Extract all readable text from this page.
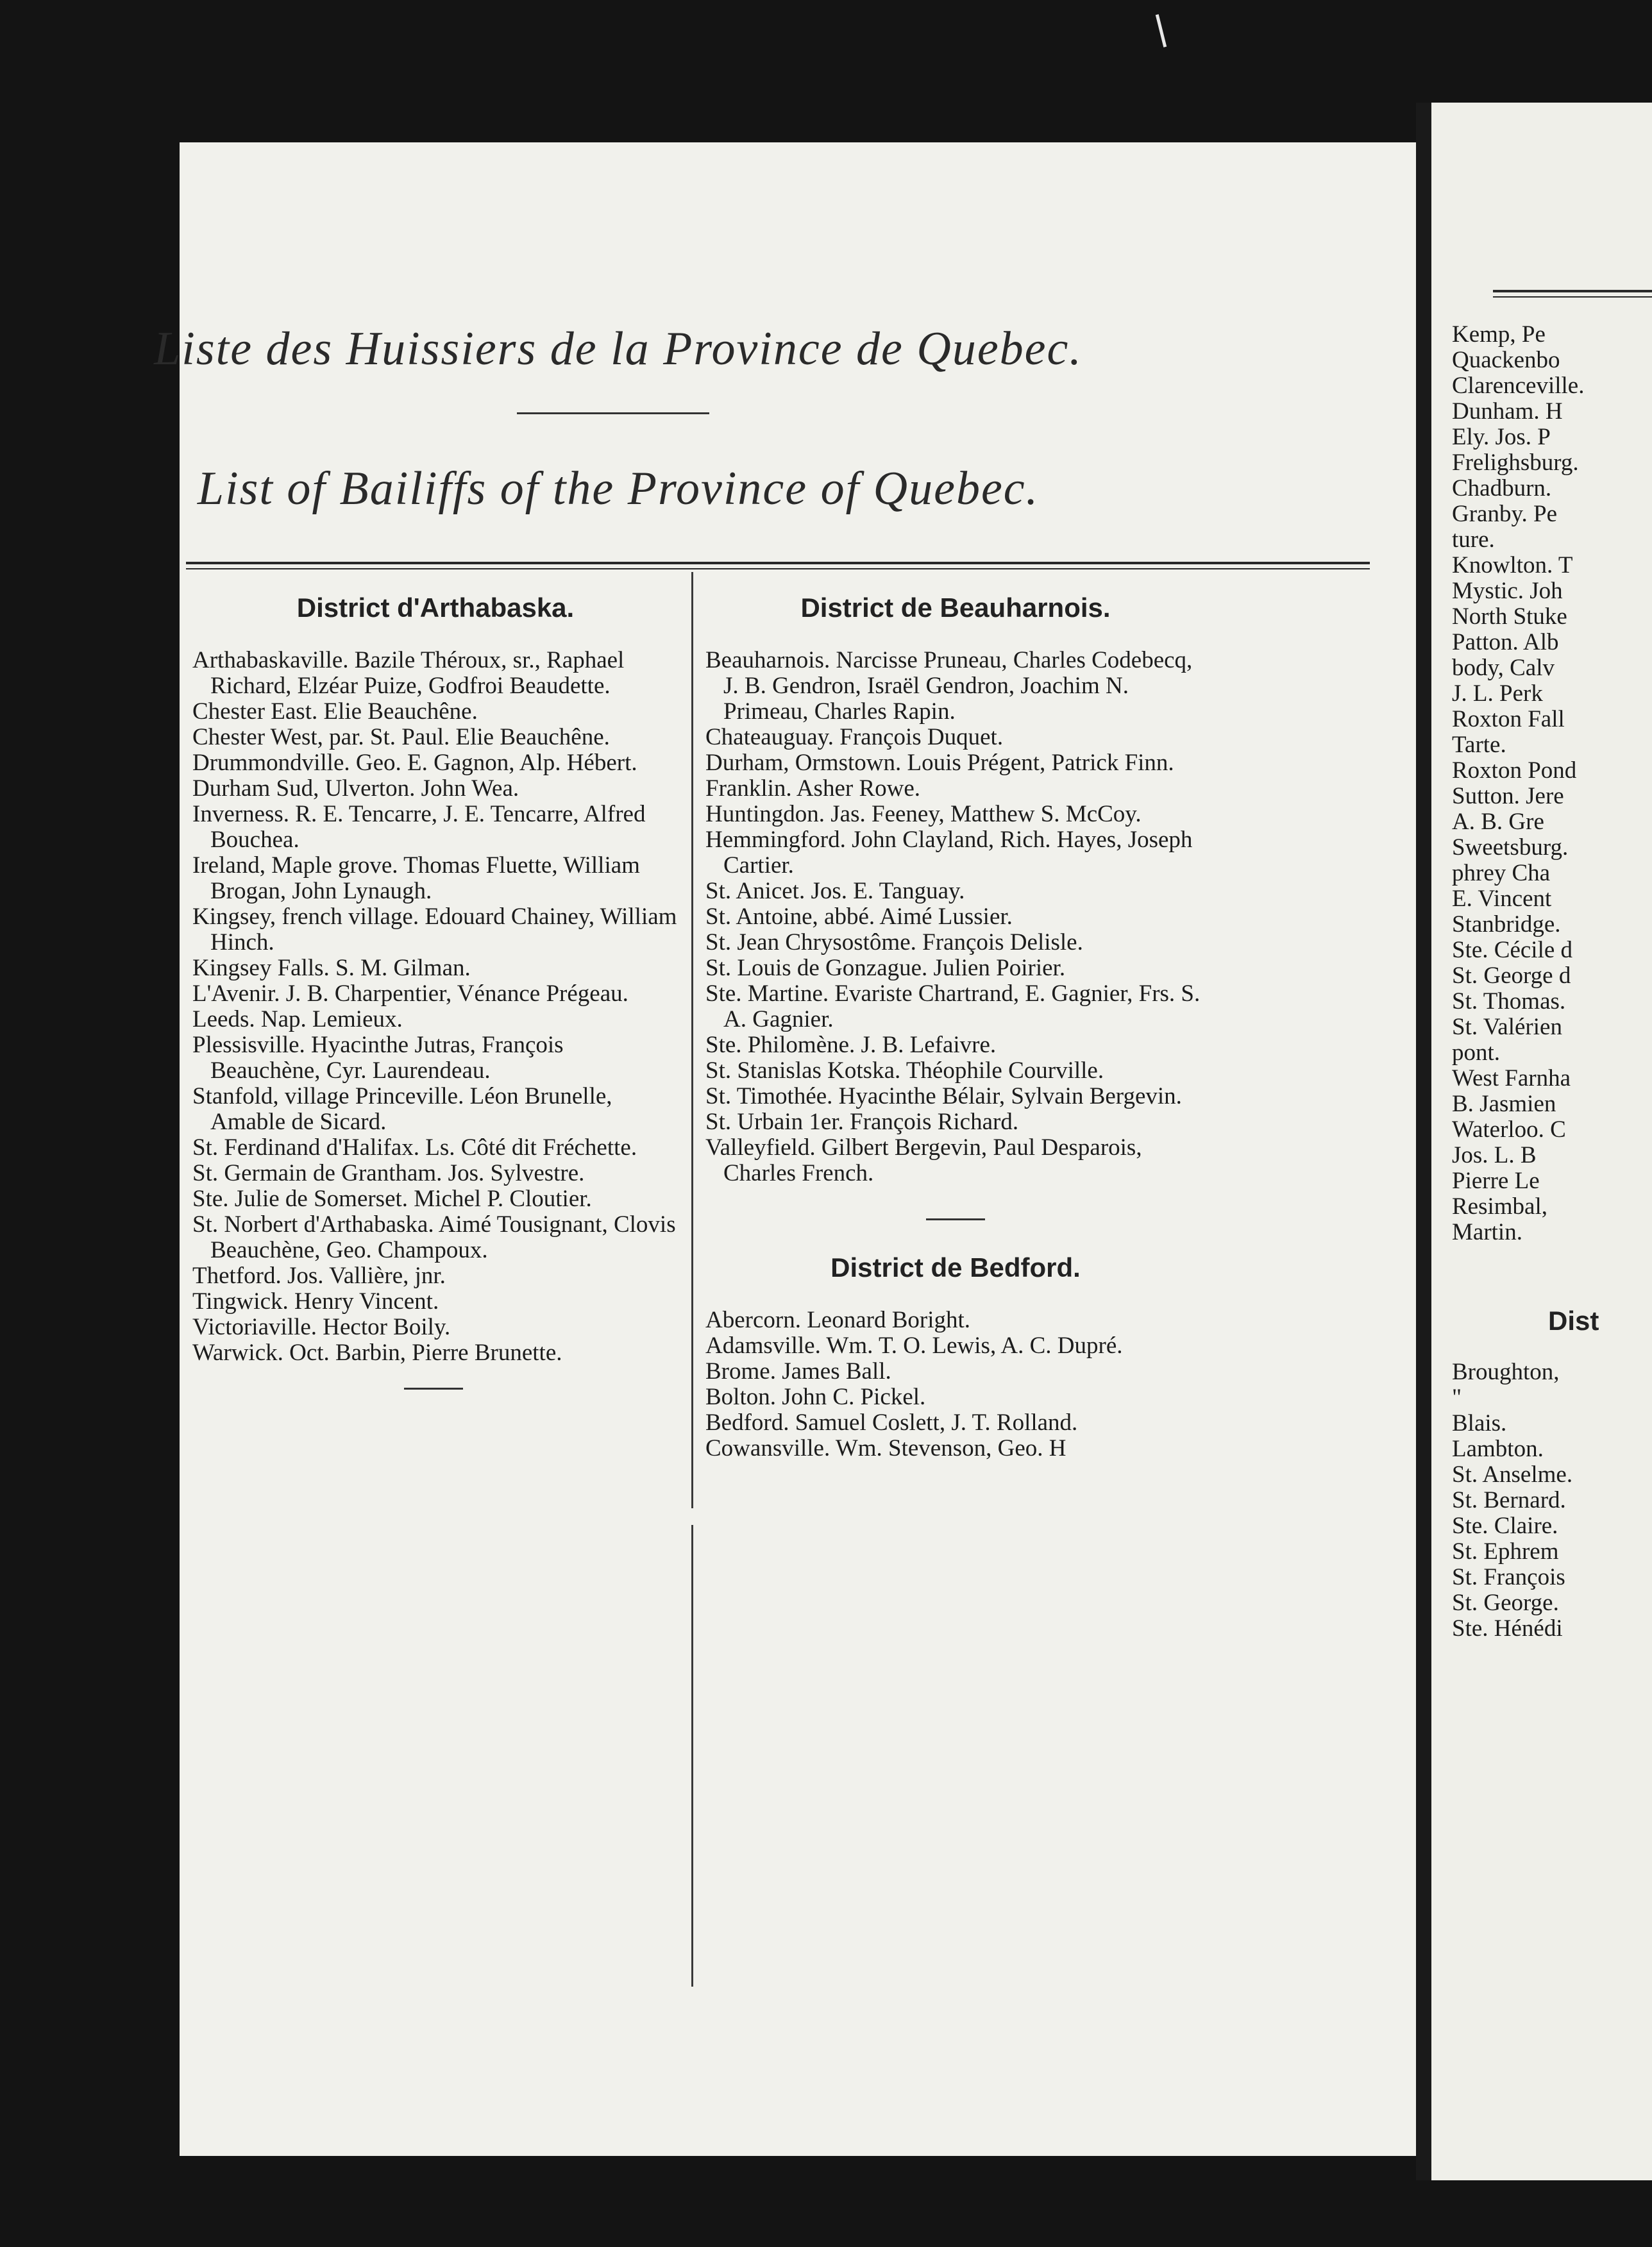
Kemp, Pe

Quackenbo

Clarenceville.

Dunham. H

Ely. Jos. P

Frelighsburg.

Chadburn.

Granby. Pe

ture.

Knowlton. T

Mystic. Joh

North Stuke

Patton. Alb

body, Calv

J. L. Perk

Roxton Fall

Tarte.

Roxton Pond

Sutton. Jere

A. B. Gre

Sweetsburg.

phrey Cha

E. Vincent

Stanbridge.

Ste. Cécile d

St. George d

St. Thomas.

St. Valérien

pont.

West Farnha

B. Jasmien

Waterloo. C

Jos. L. B

Pierre Le

Resimbal,

Martin.

Dist

Broughton,

"

Blais.

Lambton.

St. Anselme.

St. Bernard.

Ste. Claire.

St. Ephrem

St. François

St. George.

Ste. Hénédi

Liste des Huissiers de la Province de Quebec.
List of Bailiffs of the Province of Quebec.
District d'Arthabaska.

Arthabaskaville. Bazile Théroux, sr., Raphael Richard, Elzéar Puize, Godfroi Beaudette.

Chester East. Elie Beauchêne.

Chester West, par. St. Paul. Elie Beauchêne.

Drummondville. Geo. E. Gagnon, Alp. Hébert.

Durham Sud, Ulverton. John Wea.

Inverness. R. E. Tencarre, J. E. Tencarre, Alfred Bouchea.

Ireland, Maple grove. Thomas Fluette, William Brogan, John Lynaugh.

Kingsey, french village. Edouard Chainey, William Hinch.

Kingsey Falls. S. M. Gilman.

L'Avenir. J. B. Charpentier, Vénance Prégeau.

Leeds. Nap. Lemieux.

Plessisville. Hyacinthe Jutras, François Beauchène, Cyr. Laurendeau.

Stanfold, village Princeville. Léon Brunelle, Amable de Sicard.

St. Ferdinand d'Halifax. Ls. Côté dit Fréchette.

St. Germain de Grantham. Jos. Sylvestre.

Ste. Julie de Somerset. Michel P. Cloutier.

St. Norbert d'Arthabaska. Aimé Tousignant, Clovis Beauchène, Geo. Champoux.

Thetford. Jos. Vallière, jnr.

Tingwick. Henry Vincent.

Victoriaville. Hector Boily.

Warwick. Oct. Barbin, Pierre Brunette.

District de Beauharnois.

Beauharnois. Narcisse Pruneau, Charles Codebecq, J. B. Gendron, Israël Gendron, Joachim N. Primeau, Charles Rapin.

Chateauguay. François Duquet.

Durham, Ormstown. Louis Prégent, Patrick Finn.

Franklin. Asher Rowe.

Huntingdon. Jas. Feeney, Matthew S. McCoy.

Hemmingford. John Clayland, Rich. Hayes, Joseph Cartier.

St. Anicet. Jos. E. Tanguay.

St. Antoine, abbé. Aimé Lussier.

St. Jean Chrysostôme. François Delisle.

St. Louis de Gonzague. Julien Poirier.

Ste. Martine. Evariste Chartrand, E. Gagnier, Frs. S. A. Gagnier.

Ste. Philomène. J. B. Lefaivre.

St. Stanislas Kotska. Théophile Courville.

St. Timothée. Hyacinthe Bélair, Sylvain Bergevin.

St. Urbain 1er. François Richard.

Valleyfield. Gilbert Bergevin, Paul Desparois, Charles French.

District de Bedford.

Abercorn. Leonard Boright.

Adamsville. Wm. T. O. Lewis, A. C. Dupré.

Brome. James Ball.

Bolton. John C. Pickel.

Bedford. Samuel Coslett, J. T. Rolland.

Cowansville. Wm. Stevenson, Geo. H
